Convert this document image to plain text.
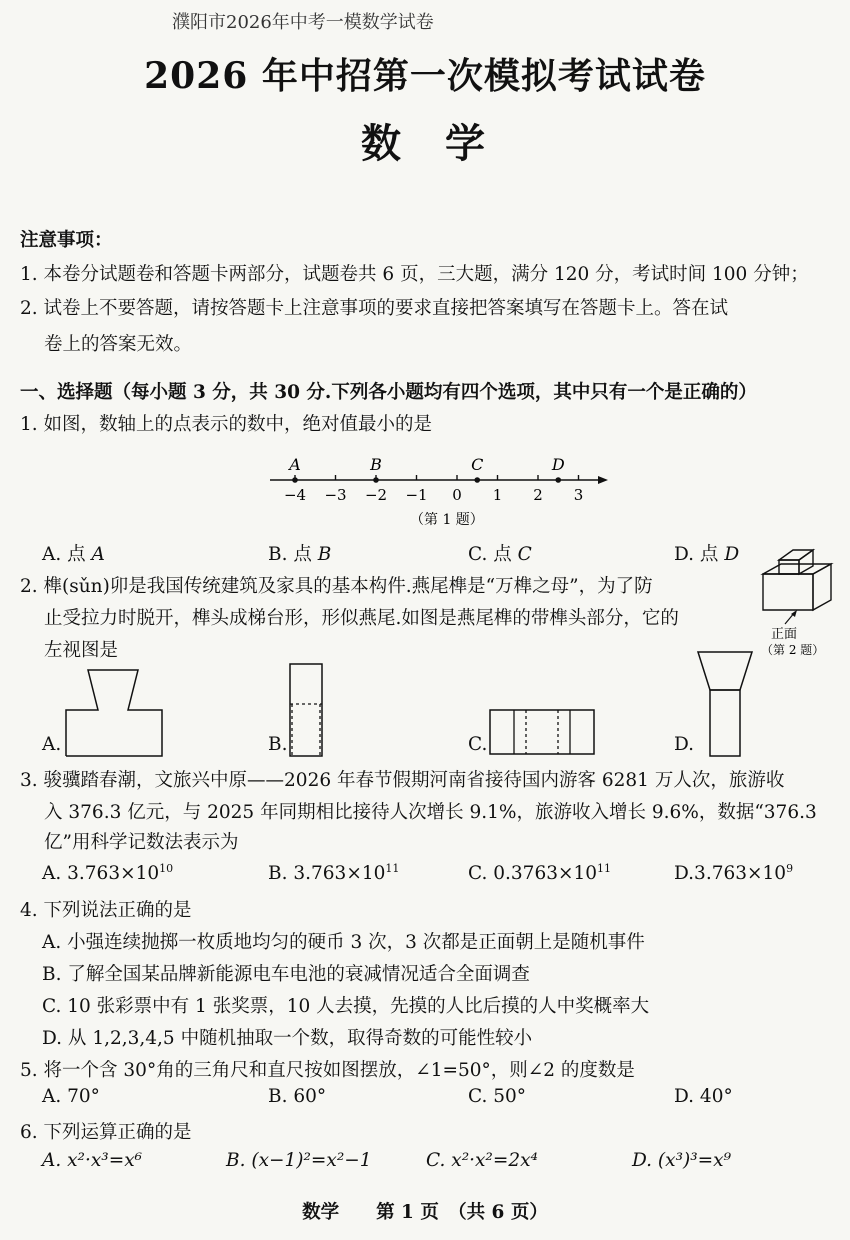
濮阳市2026年中考一模数学试卷
2026 年中招第一次模拟考试试卷
数学
注意事项：
1. 本卷分试题卷和答题卡两部分，试题卷共 6 页，三大题，满分 120 分，考试时间 100 分钟；
2. 试卷上不要答题，请按答题卡上注意事项的要求直接把答案填写在答题卡上。答在试
卷上的答案无效。
一、选择题（每小题 3 分，共 30 分.下列各小题均有四个选项，其中只有一个是正确的）
1. 如图，数轴上的点表示的数中，绝对值最小的是
−4 −3 −2 −1 0 1 2 3
A	B	C	D
（第 1 题）
A. 点 A	B. 点 B	C. 点 C	D. 点 D
2. 榫(sǔn)卯是我国传统建筑及家具的基本构件.燕尾榫是“万榫之母”，为了防
止受拉力时脱开，榫头成梯台形，形似燕尾.如图是燕尾榫的带榫头部分，它的
左视图是
正面
（第 2 题）
A.	B.	C.	D.
3. 骏骥踏春潮，文旅兴中原——2026 年春节假期河南省接待国内游客 6281 万人次，旅游收
入 376.3 亿元，与 2025 年同期相比接待人次增长 9.1%，旅游收入增长 9.6%，数据“376.3
亿”用科学记数法表示为
A. $3.763\times 10^{10}$	B. $3.763\times 10^{11}$	C. $0.3763\times 10^{11}$	$D.3.763\times 10^9$
4. 下列说法正确的是
A. 小强连续抛掷一枚质地均匀的硬币 3 次，3 次都是正面朝上是随机事件
B. 了解全国某品牌新能源电车电池的衰减情况适合全面调查
C. 10 张彩票中有 1 张奖票，10 人去摸，先摸的人比后摸的人中奖概率大
D. 从 1,2,3,4,5 中随机抽取一个数，取得奇数的可能性较小
5. 将一个含 30°角的三角尺和直尺按如图摆放，∠1=50°，则∠2 的度数是
A. 70°	B. 60°	C. 50°	D. 40°
6. 下列运算正确的是
A. x²·x³=x⁶	B. (x−1)²=x²−1	C. x²·x²=2x⁴	D. (x³)³=x⁹
数学　　第 1 页　（共 6 页）
